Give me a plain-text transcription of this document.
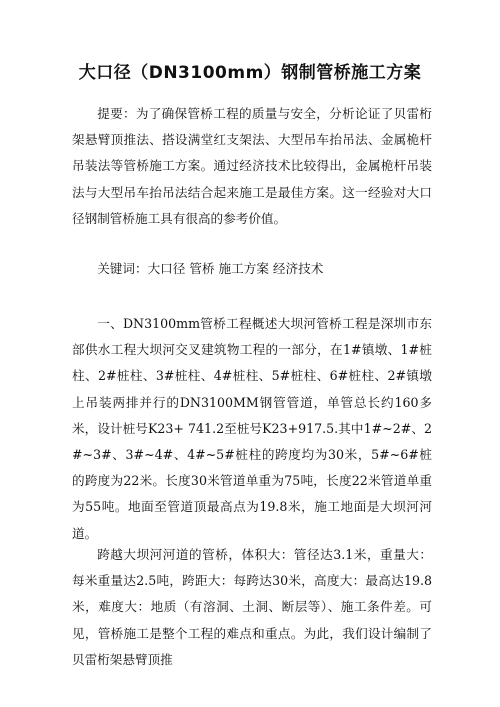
大口径（DN3100mm）钢制管桥施工方案
提要：为了确保管桥工程的质量与安全，分析论证了贝雷桁架悬臂顶推法、搭设满堂红支架法、大型吊车抬吊法、金属桅杆吊装法等管桥施工方案。通过经济技术比较得出，金属桅杆吊装法与大型吊车抬吊法结合起来施工是最佳方案。这一经验对大口径钢制管桥施工具有很高的参考价值。
关键词：大口径 管桥 施工方案 经济技术
一、DN3100mm管桥工程概述大坝河管桥工程是深圳市东部供水工程大坝河交叉建筑物工程的一部分，在1#镇墩、1#桩柱、2#桩柱、3#桩柱、4#桩柱、5#桩柱、6#桩柱、2#镇墩上吊装两排并行的DN3100MM钢管管道，单管总长约160多米，设计桩号K23+ 741.2至桩号K23+917.5.其中1#~2#、2#~3#、3#~4#、4#~5#桩柱的跨度均为30米，5#~6#桩的跨度为22米。长度30米管道单重为75吨，长度22米管道单重为55吨。地面至管道顶最高点为19.8米，施工地面是大坝河河道。
跨越大坝河河道的管桥，体积大：管径达3.1米，重量大：每米重量达2.5吨，跨距大：每跨达30米，高度大：最高达19.8米，难度大：地质（有溶洞、土洞、断层等）、施工条件差。可见，管桥施工是整个工程的难点和重点。为此，我们设计编制了贝雷桁架悬臂顶推
